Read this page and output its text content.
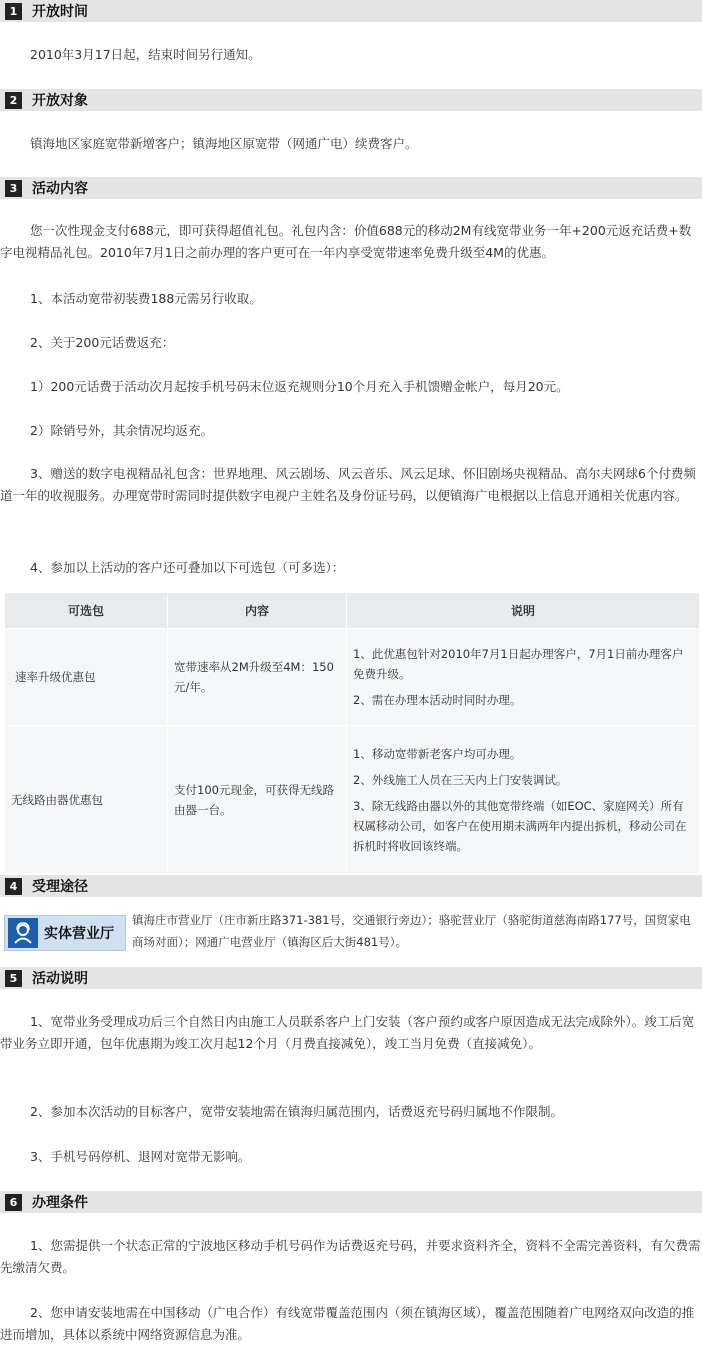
1	开放时间

2010年3月17日起，结束时间另行通知。

2	开放对象

镇海地区家庭宽带新增客户；镇海地区原宽带（网通广电）续费客户。

3	活动内容

您一次性现金支付688元，即可获得超值礼包。礼包内含：价值688元的移动2M有线宽带业务一年+200元返充话费+数字电视精品礼包。2010年7月1日之前办理的客户更可在一年内享受宽带速率免费升级至4M的优惠。

1、本活动宽带初装费188元需另行收取。

2、关于200元话费返充：

1）200元话费于活动次月起按手机号码末位返充规则分10个月充入手机馈赠金帐户，每月20元。

2）除销号外，其余情况均返充。

3、赠送的数字电视精品礼包含：世界地理、风云剧场、风云音乐、风云足球、怀旧剧场央视精品、高尔夫网球6个付费频道一年的收视服务。办理宽带时需同时提供数字电视户主姓名及身份证号码，以便镇海广电根据以上信息开通相关优惠内容。

4、参加以上活动的客户还可叠加以下可选包（可多选）：

可选包	内容	说明
速率升级优惠包	宽带速率从2M升级至4M：150元/年。	1、此优惠包针对2010年7月1日起办理客户，7月1日前办理客户免费升级。

2、需在办理本活动时同时办理。

无线路由器优惠包	支付100元现金，可获得无线路由器一台。	1、移动宽带新老客户均可办理。

2、外线施工人员在三天内上门安装调试。

3、除无线路由器以外的其他宽带终端（如EOC、家庭网关）所有权属移动公司，如客户在使用期未满两年内提出拆机，移动公司在拆机时将收回该终端。

4	受理途径
实体营业厅

镇海庄市营业厅（庄市新庄路371-381号，交通银行旁边）；骆驼营业厅（骆驼街道慈海南路177号，国贸家电商场对面）；网通广电营业厅（镇海区后大街481号）。

5	活动说明

1、宽带业务受理成功后三个自然日内由施工人员联系客户上门安装（客户预约或客户原因造成无法完成除外）。竣工后宽带业务立即开通，包年优惠期为竣工次月起12个月（月费直接减免），竣工当月免费（直接减免）。

2、参加本次活动的目标客户，宽带安装地需在镇海归属范围内，话费返充号码归属地不作限制。

3、手机号码停机、退网对宽带无影响。

6	办理条件

1、您需提供一个状态正常的宁波地区移动手机号码作为话费返充号码，并要求资料齐全，资料不全需完善资料，有欠费需先缴清欠费。

2、您申请安装地需在中国移动（广电合作）有线宽带覆盖范围内（须在镇海区域），覆盖范围随着广电网络双向改造的推进而增加，具体以系统中网络资源信息为准。
